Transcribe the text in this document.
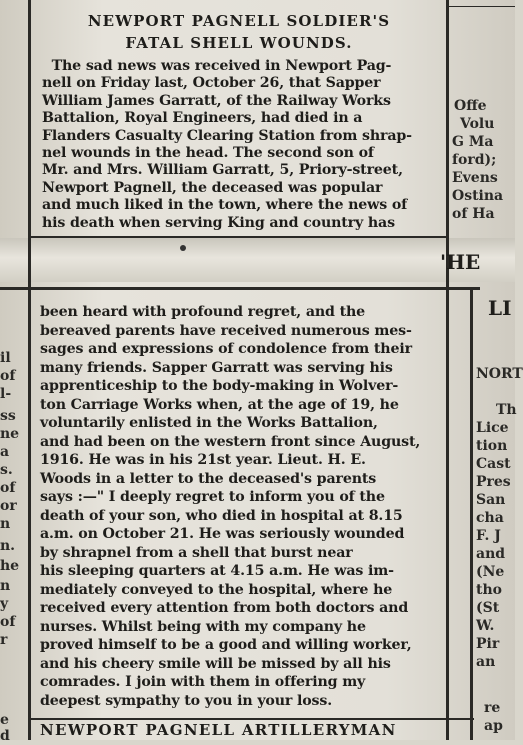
NEWPORT PAGNELL SOLDIER'S
FATAL SHELL WOUNDS.
The sad news was received in Newport Pag-
nell on Friday last, October 26, that Sapper
William James Garratt, of the Railway Works
Battalion, Royal Engineers, had died in a
Flanders Casualty Clearing Station from shrap-
nel wounds in the head. The second son of
Mr. and Mrs. William Garratt, 5, Priory-street,
Newport Pagnell, the deceased was popular
and much liked in the town, where the news of
his death when serving King and country has
been heard with profound regret, and the
bereaved parents have received numerous mes-
sages and expressions of condolence from their
many friends. Sapper Garratt was serving his
apprenticeship to the body-making in Wolver-
ton Carriage Works when, at the age of 19, he
voluntarily enlisted in the Works Battalion,
and had been on the western front since August,
1916. He was in his 21st year. Lieut. H. E.
Woods in a letter to the deceased's parents
says :—" I deeply regret to inform you of the
death of your son, who died in hospital at 8.15
a.m. on October 21. He was seriously wounded
by shrapnel from a shell that burst near
his sleeping quarters at 4.15 a.m. He was im-
mediately conveyed to the hospital, where he
received every attention from both doctors and
nurses. Whilst being with my company he
proved himself to be a good and willing worker,
and his cheery smile will be missed by all his
comrades. I join with them in offering my
deepest sympathy to you in your loss.
NEWPORT PAGNELL ARTILLERYMAN
il
of
l-
ss
ne
a
s.
of
or
n
n.
he
n
y
of
r
e
d
Offe
Volu
G Ma
ford);
Evens
Ostina
of Ha
'HE
LI
NORT
Th
Lice
tion
Cast
Pres
San
cha
F. J
and
(Ne
tho
(St
W.
Pir
an
re
ap
